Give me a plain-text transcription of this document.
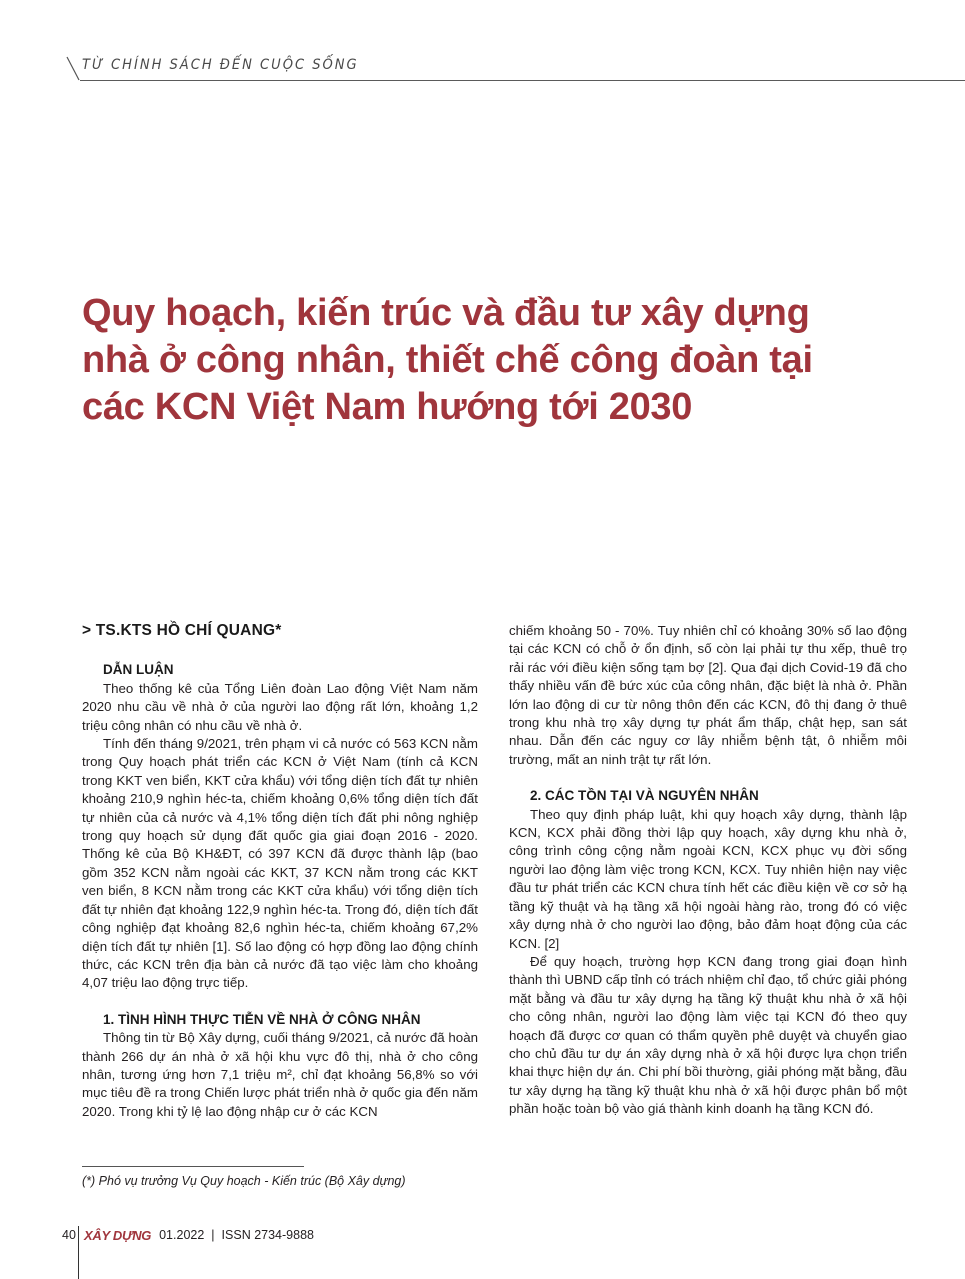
TỪ CHÍNH SÁCH ĐẾN CUỘC SỐNG
Quy hoạch, kiến trúc và đầu tư xây dựng
nhà ở công nhân, thiết chế công đoàn tại
các KCN Việt Nam hướng tới 2030

> TS.KTS HỒ CHÍ QUANG*

DẪN LUẬN

Theo thống kê của Tổng Liên đoàn Lao động Việt Nam năm 2020 nhu cầu về nhà ở của người lao động rất lớn, khoảng 1,2 triệu công nhân có nhu cầu về nhà ở.

Tính đến tháng 9/2021, trên phạm vi cả nước có 563 KCN nằm trong Quy hoạch phát triển các KCN ở Việt Nam (tính cả KCN trong KKT ven biển, KKT cửa khẩu) với tổng diện tích đất tự nhiên khoảng 210,9 nghìn héc-ta, chiếm khoảng 0,6% tổng diện tích đất tự nhiên của cả nước và 4,1% tổng diện tích đất phi nông nghiệp trong quy hoạch sử dụng đất quốc gia giai đoạn 2016 - 2020. Thống kê của Bộ KH&ĐT, có 397 KCN đã được thành lập (bao gồm 352 KCN nằm ngoài các KKT, 37 KCN nằm trong các KKT ven biển, 8 KCN nằm trong các KKT cửa khẩu) với tổng diện tích đất tự nhiên đạt khoảng 122,9 nghìn héc-ta. Trong đó, diện tích đất công nghiệp đạt khoảng 82,6 nghìn héc-ta, chiếm khoảng 67,2% diện tích đất tự nhiên [1]. Số lao động có hợp đồng lao động chính thức, các KCN trên địa bàn cả nước đã tạo việc làm cho khoảng 4,07 triệu lao động trực tiếp.

1. TÌNH HÌNH THỰC TIỄN VỀ NHÀ Ở CÔNG NHÂN

Thông tin từ Bộ Xây dựng, cuối tháng 9/2021, cả nước đã hoàn thành 266 dự án nhà ở xã hội khu vực đô thị, nhà ở cho công nhân, tương ứng hơn 7,1 triệu m², chỉ đạt khoảng 56,8% so với mục tiêu đề ra trong Chiến lược phát triển nhà ở quốc gia đến năm 2020. Trong khi tỷ lệ lao động nhập cư ở các KCN

chiếm khoảng 50 - 70%. Tuy nhiên chỉ có khoảng 30% số lao động tại các KCN có chỗ ở ổn định, số còn lại phải tự thu xếp, thuê trọ rải rác với điều kiện sống tạm bợ [2]. Qua đại dịch Covid-19 đã cho thấy nhiều vấn đề bức xúc của công nhân, đặc biệt là nhà ở. Phần lớn lao động di cư từ nông thôn đến các KCN, đô thị đang ở thuê trong khu nhà trọ xây dựng tự phát ẩm thấp, chật hẹp, san sát nhau. Dẫn đến các nguy cơ lây nhiễm bệnh tật, ô nhiễm môi trường, mất an ninh trật tự rất lớn.

2. CÁC TỒN TẠI VÀ NGUYÊN NHÂN

Theo quy định pháp luật, khi quy hoạch xây dựng, thành lập KCN, KCX phải đồng thời lập quy hoạch, xây dựng khu nhà ở, công trình công cộng nằm ngoài KCN, KCX phục vụ đời sống người lao động làm việc trong KCN, KCX. Tuy nhiên hiện nay việc đầu tư phát triển các KCN chưa tính hết các điều kiện về cơ sở hạ tầng kỹ thuật và hạ tầng xã hội ngoài hàng rào, trong đó có việc xây dựng nhà ở cho người lao động, bảo đảm hoạt động của các KCN. [2]

Để quy hoạch, trường hợp KCN đang trong giai đoạn hình thành thì UBND cấp tỉnh có trách nhiệm chỉ đạo, tổ chức giải phóng mặt bằng và đầu tư xây dựng hạ tầng kỹ thuật khu nhà ở xã hội cho công nhân, người lao động làm việc tại KCN đó theo quy hoạch đã được cơ quan có thẩm quyền phê duyệt và chuyển giao cho chủ đầu tư dự án xây dựng nhà ở xã hội được lựa chọn triển khai thực hiện dự án. Chi phí bồi thường, giải phóng mặt bằng, đầu tư xây dựng hạ tầng kỹ thuật khu nhà ở xã hội được phân bổ một phần hoặc toàn bộ vào giá thành kinh doanh hạ tầng KCN đó.

(*) Phó vụ trưởng Vụ Quy hoạch - Kiến trúc (Bộ Xây dựng)

40 XÂY DỰNG 01.2022 | ISSN 2734-9888
